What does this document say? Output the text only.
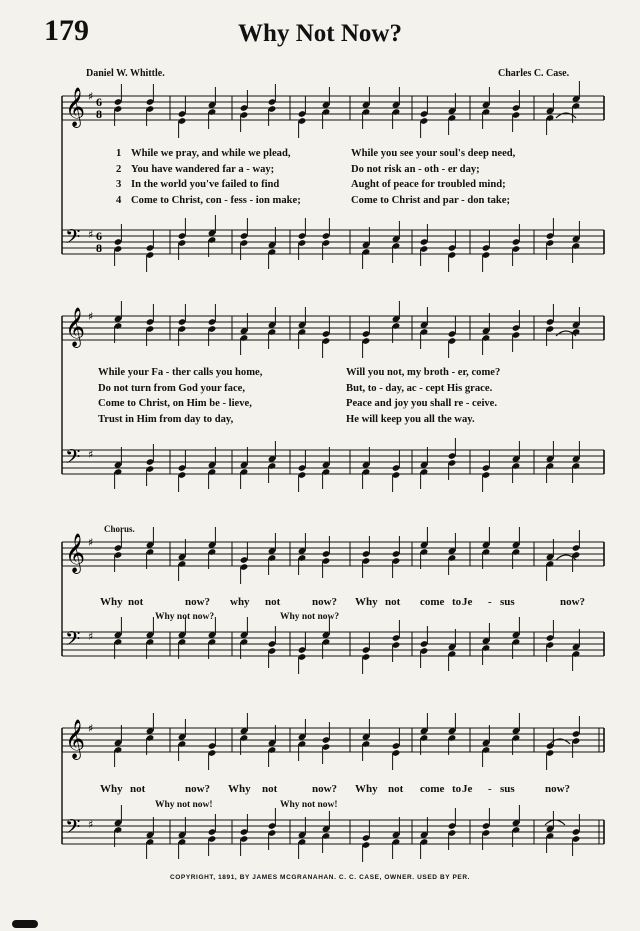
179	Why Not Now?
Daniel W. Whittle.	Charles C. Case.
𝄞 ♯ 6
8
𝄢 ♯ 6
8
𝄞 ♯
𝄢 ♯
𝄞 ♯
𝄢 ♯
𝄞 ♯
𝄢 ♯
1 While we pray, and while we plead,	While you see your soul's deep need,
2 You have wandered far a - way;	Do not risk an - oth - er day;
3 In the world you've failed to find	Aught of peace for troubled mind;
4 Come to Christ, con - fess - ion make;	Come to Christ and par - don take;
While your Fa - ther calls you home,	Will you not, my broth - er, come?
Do not turn from God your face,	But, to - day, ac - cept His grace.
Come to Christ, on Him be - lieve,	Peace and joy you shall re - ceive.
Trust in Him from day to day,	He will keep you all the way.
Chorus.
Why not	now? why not	now? Why not come to Je - sus	now?
Why not now?	Why not now?
Why not	now? Why not	now? Why not come to Je - sus	now?
Why not now!	Why not now!
COPYRIGHT, 1891, BY JAMES MCGRANAHAN. C. C. CASE, OWNER. USED BY PER.
